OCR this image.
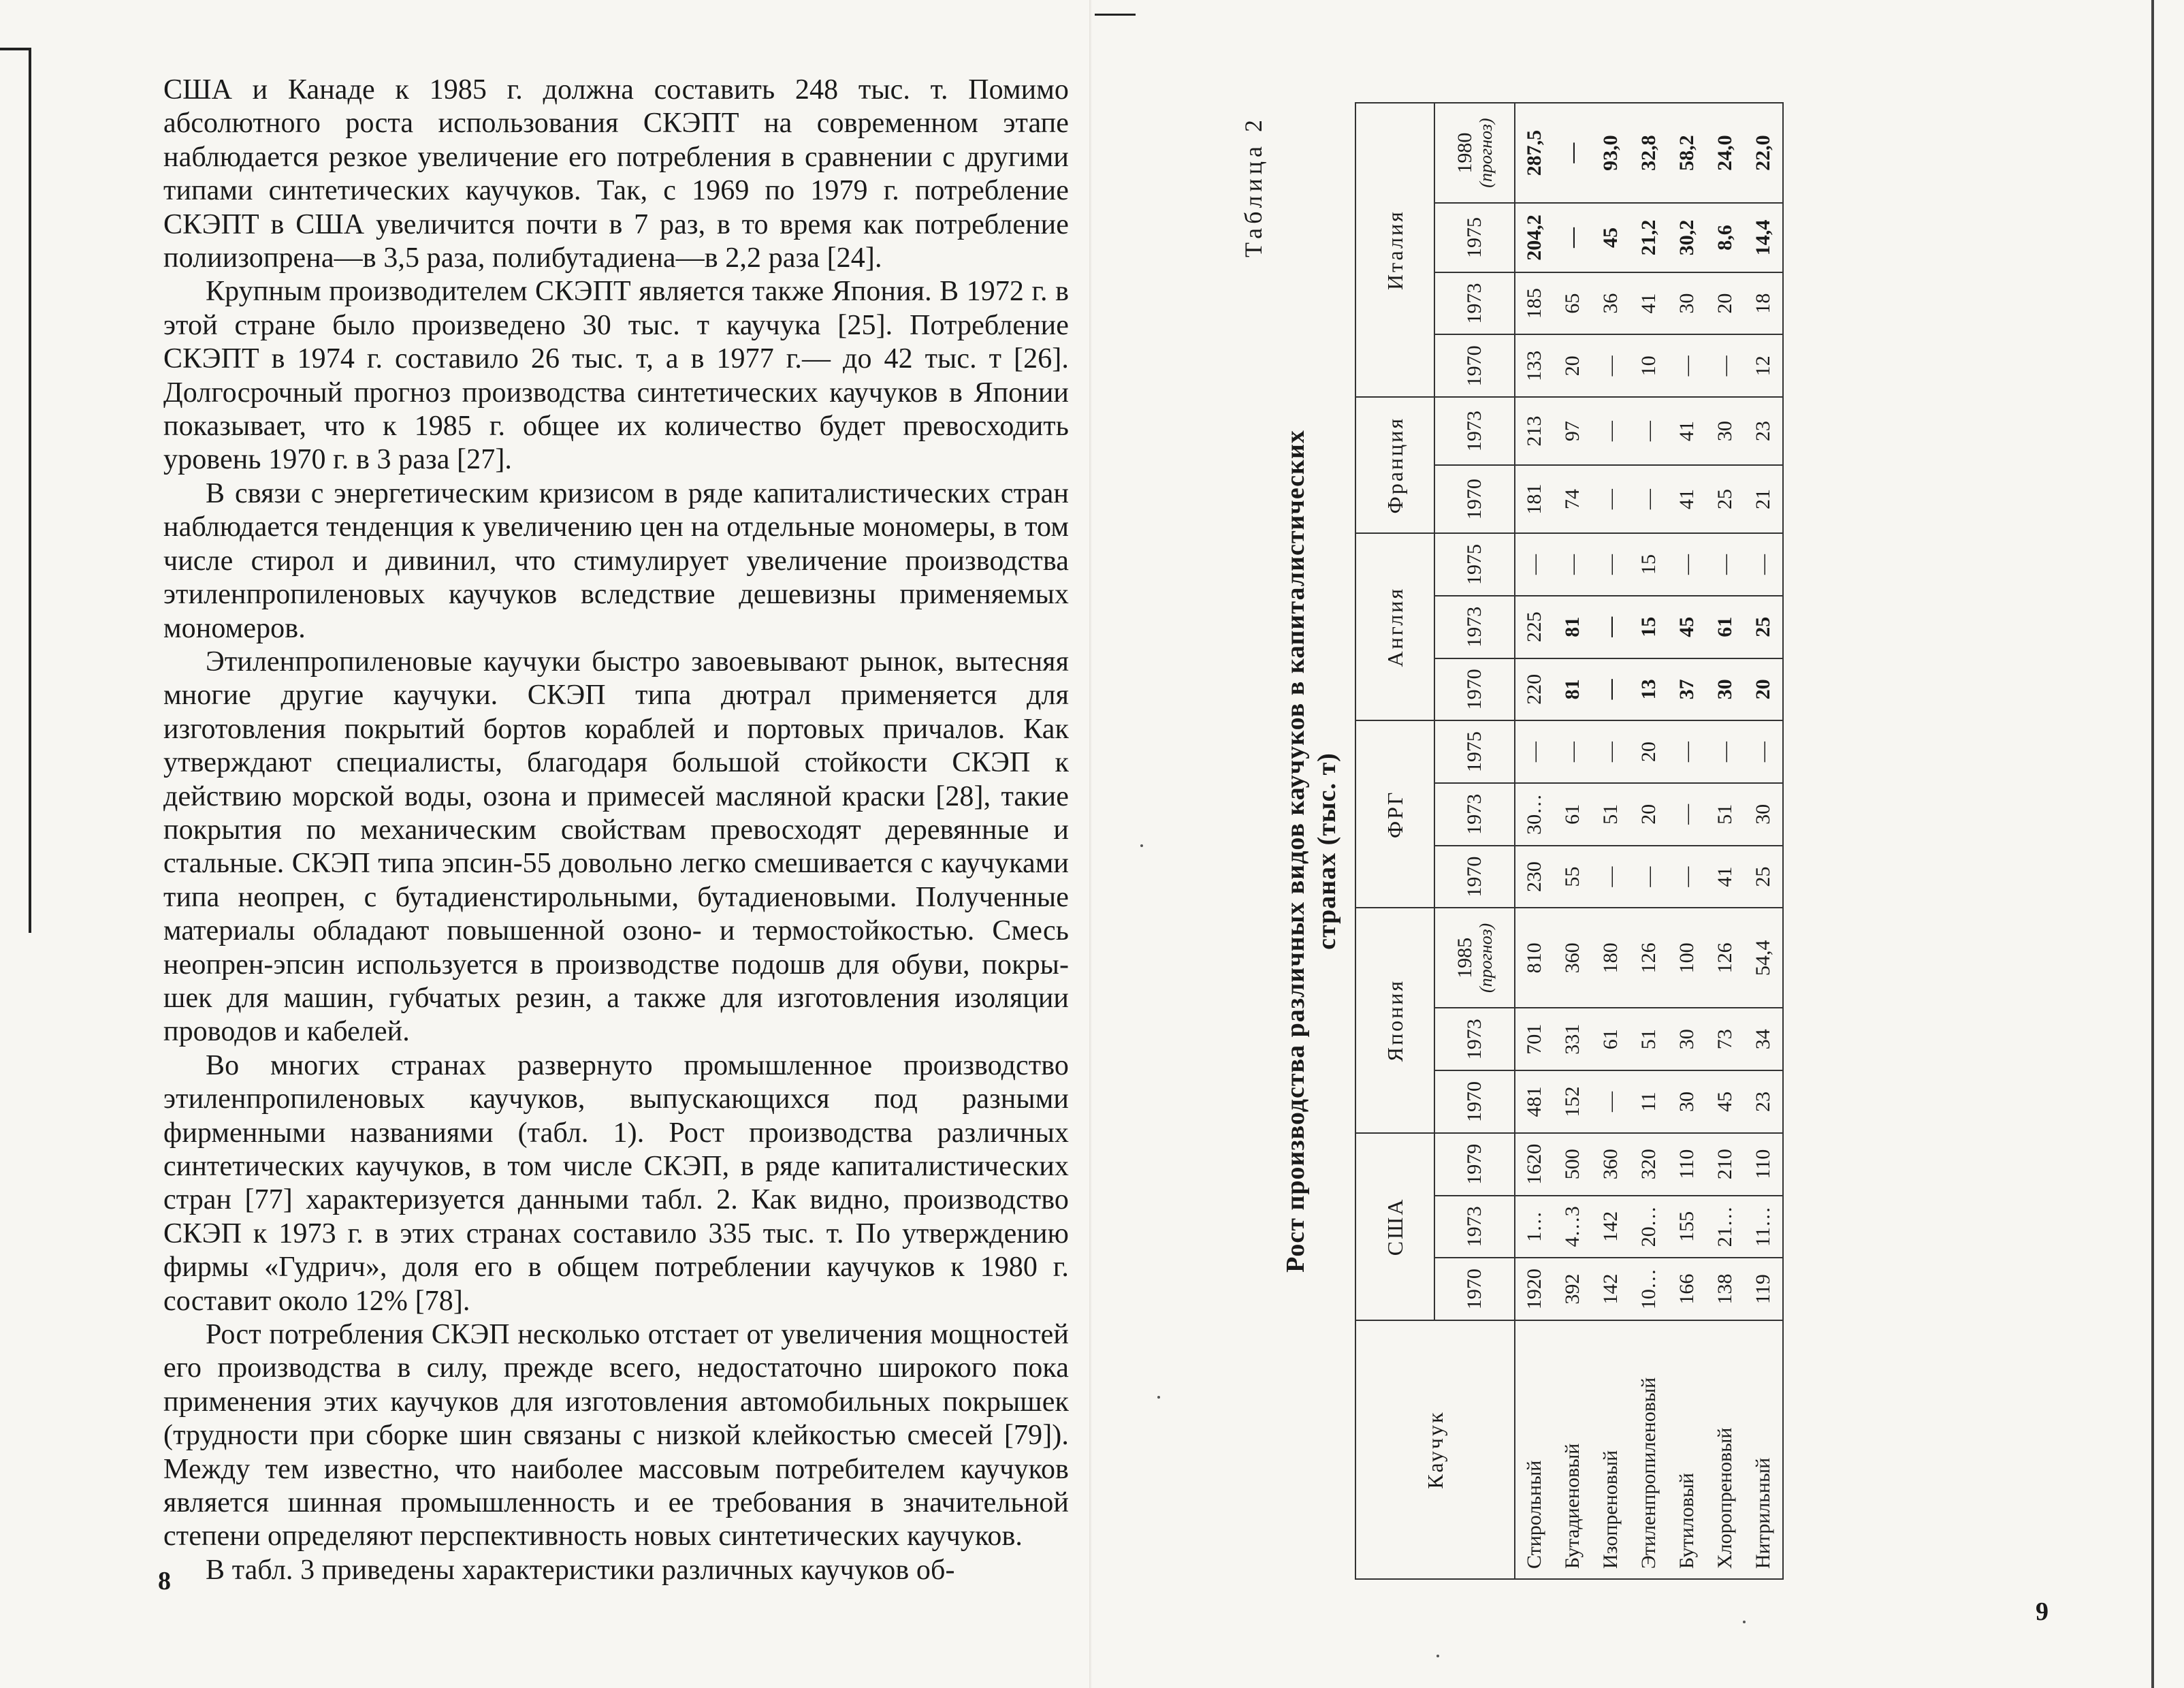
США и Канаде к 1985 г. должна составить 248 тыс. т. Помимо абсолютного роста использования СКЭПТ на современном этапе наблюдается резкое увеличение его потребления в сравнении с другими типами синтетических каучуков. Так, с 1969 по 1979 г. потребление СКЭПТ в США увеличится почти в 7 раз, в то время как потребление полиизопрена—в 3,5 раза, полибутадиена—в 2,2 раза [24].

Крупным производителем СКЭПТ является также Япония. В 1972 г. в этой стране было произведено 30 тыс. т каучука [25]. Потребление СКЭПТ в 1974 г. составило 26 тыс. т, а в 1977 г.— до 42 тыс. т [26]. Долгосрочный прогноз производства синтетических каучуков в Японии показывает, что к 1985 г. общее их количество будет превосходить уровень 1970 г. в 3 раза [27].

В связи с энергетическим кризисом в ряде капиталистических стран наблюдается тенденция к увеличению цен на отдельные мономеры, в том числе стирол и дивинил, что стимулирует увеличение производства этиленпропиленовых каучуков вследствие дешевизны применяемых мономеров.

Этиленпропиленовые каучуки быстро завоевывают рынок, вытесняя многие другие каучуки. СКЭП типа дютрал применяется для изготовления покрытий бортов кораблей и портовых причалов. Как утверждают специалисты, благодаря большой стойкости СКЭП к действию морской воды, озона и примесей масляной краски [28], такие покрытия по механическим свойствам превосходят деревянные и стальные. СКЭП типа эпсин-55 довольно легко смешивается с каучуками типа неопрен, с бутадиенстирольными, бутадиеновыми. Полученные материалы обладают повышенной озоно- и термостойкостью. Смесь неопрен-эпсин используется в производстве подошв для обуви, покрышек для машин, губчатых резин, а также для изготовления изоляции проводов и кабелей.

Во многих странах развернуто промышленное производство этиленпропиленовых каучуков, выпускающихся под разными фирменными названиями (табл. 1). Рост производства различных синтетических каучуков, в том числе СКЭП, в ряде капиталистических стран [77] характеризуется данными табл. 2. Как видно, производство СКЭП к 1973 г. в этих странах составило 335 тыс. т. По утверждению фирмы «Гудрич», доля его в общем потреблении каучуков к 1980 г. составит около 12% [78].

Рост потребления СКЭП несколько отстает от увеличения мощностей его производства в силу, прежде всего, недостаточно широкого пока применения этих каучуков для изготовления автомобильных покрышек (трудности при сборке шин связаны с низкой клейкостью смесей [79]). Между тем известно, что наиболее массовым потребителем каучуков является шинная промышленность и ее требования в значительной степени определяют перспективность новых синтетических каучуков.

В табл. 3 приведены характеристики различных каучуков об-

8
9
Таблица 2
Рост производства различных видов каучуков в капиталистических странах (тыс. т)
Каучук	США			Япония			ФРГ			Англия			Франция		Италия			
	1970	1973	1979	1970	1973	1985 (прогноз)	1970	1973	1975	1970	1973	1975	1970	1973	1970	1973	1975	1980 (прогноз)

Стирольный	1920	1…	1620	481	701	810	230	30…	—	220	225	—	181	213	133	185	204,2	287,5
Бутадиеновый	392	4…3	500	152	331	360	55	61	—	81	81	—	74	97	20	65	—	—
Изопреновый	142	142	360	—	61	180	—	51	—	—	—	—	—	—	—	36	45	93,0
Этиленпропиленовый	10…	20…	320	11	51	126	—	20	20	13	15	15	—	—	10	41	21,2	32,8
Бутиловый	166	155	110	30	30	100	—	—	—	37	45	—	41	41	—	30	30,2	58,2
Хлоропреновый	138	21…	210	45	73	126	41	51	—	30	61	—	25	30	—	20	8,6	24,0
Нитрильный	119	11…	110	23	34	54,4	25	30	—	20	25	—	21	23	12	18	14,4	22,0
